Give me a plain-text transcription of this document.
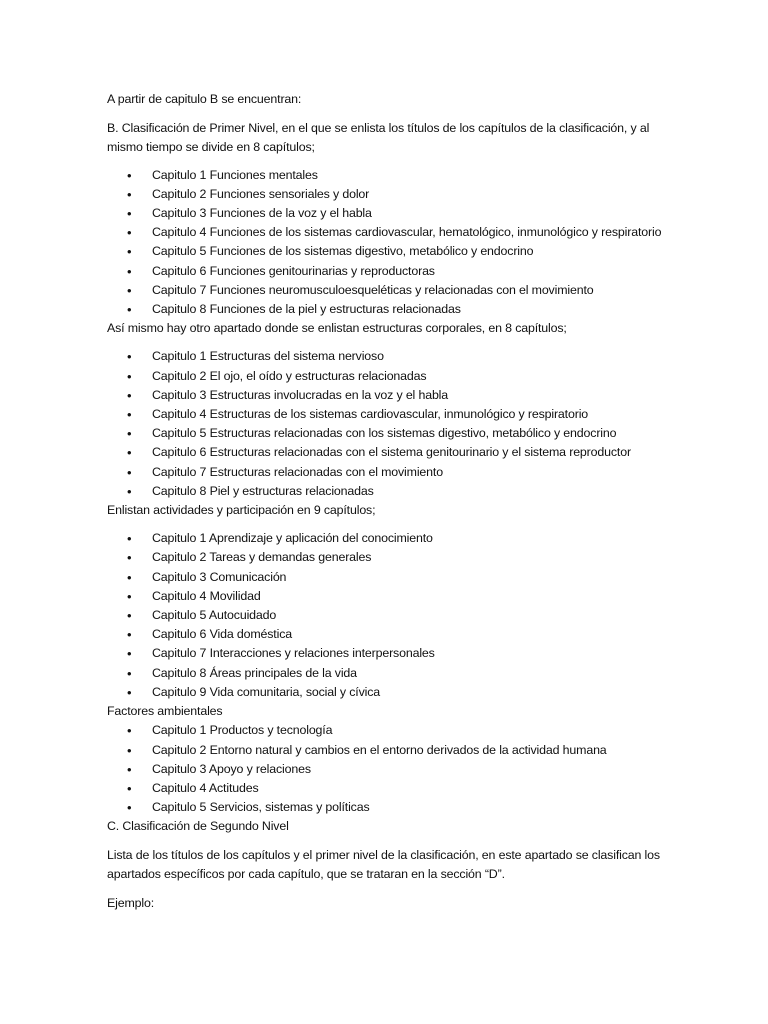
A partir de capitulo B se encuentran:

B. Clasificación de Primer Nivel, en el que se enlista los títulos de los capítulos de la clasificación, y al mismo tiempo se divide en 8 capítulos;

• Capitulo 1 Funciones mentales
• Capitulo 2 Funciones sensoriales y dolor
• Capitulo 3 Funciones de la voz y el habla
• Capitulo 4 Funciones de los sistemas cardiovascular, hematológico, inmunológico y respiratorio
• Capitulo 5 Funciones de los sistemas digestivo, metabólico y endocrino
• Capitulo 6 Funciones genitourinarias y reproductoras
• Capitulo 7 Funciones neuromusculoesqueléticas y relacionadas con el movimiento
• Capitulo 8 Funciones de la piel y estructuras relacionadas

Así mismo hay otro apartado donde se enlistan estructuras corporales, en 8 capítulos;

• Capitulo 1 Estructuras del sistema nervioso
• Capitulo 2 El ojo, el oído y estructuras relacionadas
• Capitulo 3 Estructuras involucradas en la voz y el habla
• Capitulo 4 Estructuras de los sistemas cardiovascular, inmunológico y respiratorio
• Capitulo 5 Estructuras relacionadas con los sistemas digestivo, metabólico y endocrino
• Capitulo 6 Estructuras relacionadas con el sistema genitourinario y el sistema reproductor
• Capitulo 7 Estructuras relacionadas con el movimiento
• Capitulo 8 Piel y estructuras relacionadas

Enlistan actividades y participación en 9 capítulos;

• Capitulo 1 Aprendizaje y aplicación del conocimiento
• Capitulo 2 Tareas y demandas generales
• Capitulo 3 Comunicación
• Capitulo 4 Movilidad
• Capitulo 5 Autocuidado
• Capitulo 6 Vida doméstica
• Capitulo 7 Interacciones y relaciones interpersonales
• Capitulo 8 Áreas principales de la vida
• Capitulo 9 Vida comunitaria, social y cívica

Factores ambientales

• Capitulo 1 Productos y tecnología
• Capitulo 2 Entorno natural y cambios en el entorno derivados de la actividad humana
• Capitulo 3 Apoyo y relaciones
• Capitulo 4 Actitudes
• Capitulo 5 Servicios, sistemas y políticas

C. Clasificación de Segundo Nivel

Lista de los títulos de los capítulos y el primer nivel de la clasificación, en este apartado se clasifican los apartados específicos por cada capítulo, que se trataran en la sección “D”.

Ejemplo:
